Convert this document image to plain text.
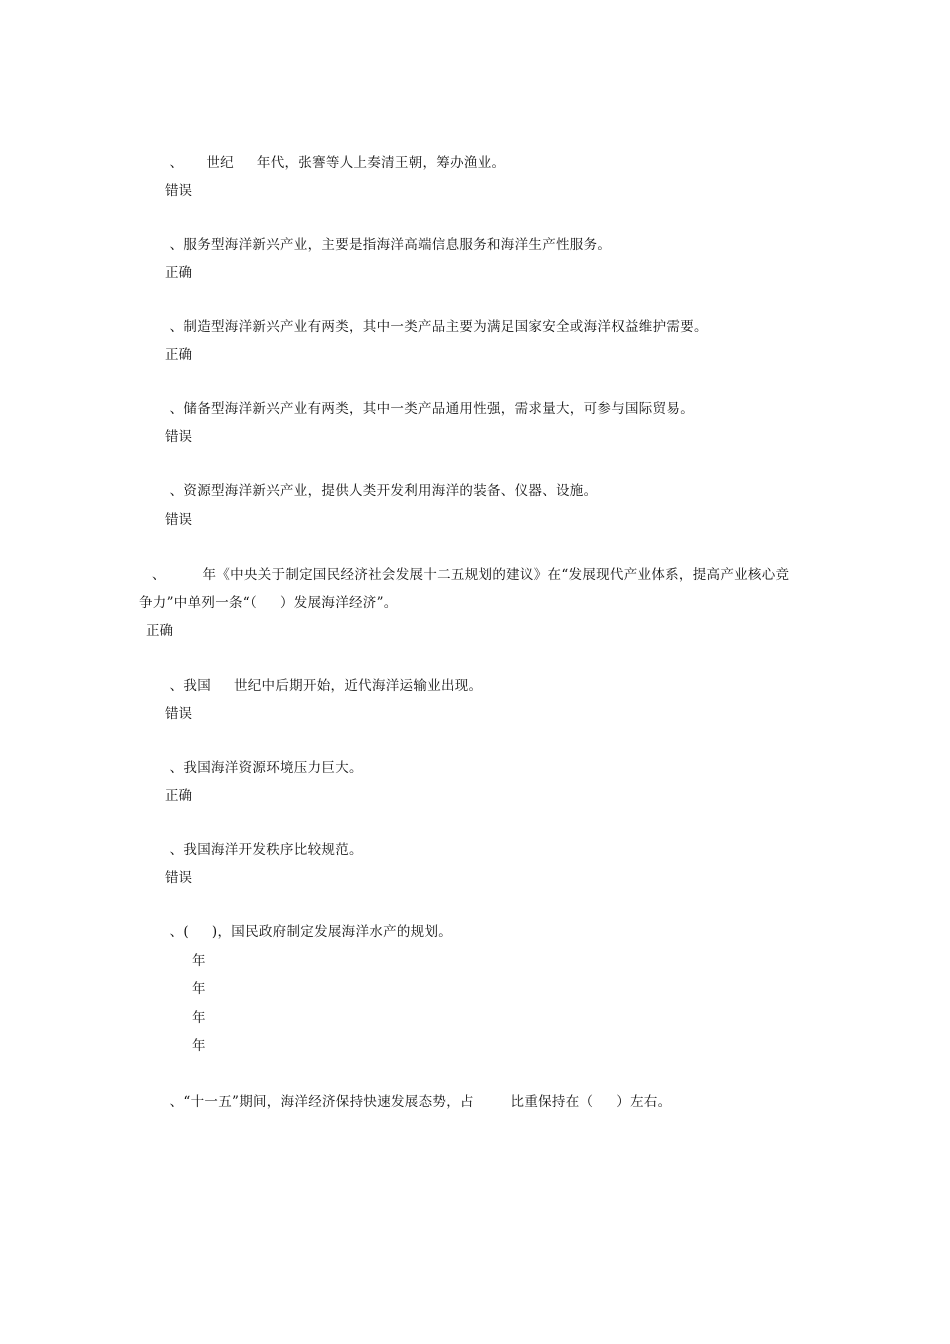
、     世纪     年代，张謇等人上奏清王朝，筹办渔业。
错误
、服务型海洋新兴产业，主要是指海洋高端信息服务和海洋生产性服务。
正确
、制造型海洋新兴产业有两类，其中一类产品主要为满足国家安全或海洋权益维护需要。
正确
、储备型海洋新兴产业有两类，其中一类产品通用性强，需求量大，可参与国际贸易。
错误
、资源型海洋新兴产业，提供人类开发利用海洋的装备、仪器、设施。
错误
、        年《中央关于制定国民经济社会发展十二五规划的建议》在“发展现代产业体系，提高产业核心竞
争力”中单列一条“（     ）发展海洋经济”。
正确
、我国     世纪中后期开始，近代海洋运输业出现。
错误
、我国海洋资源环境压力巨大。
正确
、我国海洋开发秩序比较规范。
错误
、(     )，国民政府制定发展海洋水产的规划。
年
年
年
年
、“十一五”期间，海洋经济保持快速发展态势，占        比重保持在（     ）左右。
